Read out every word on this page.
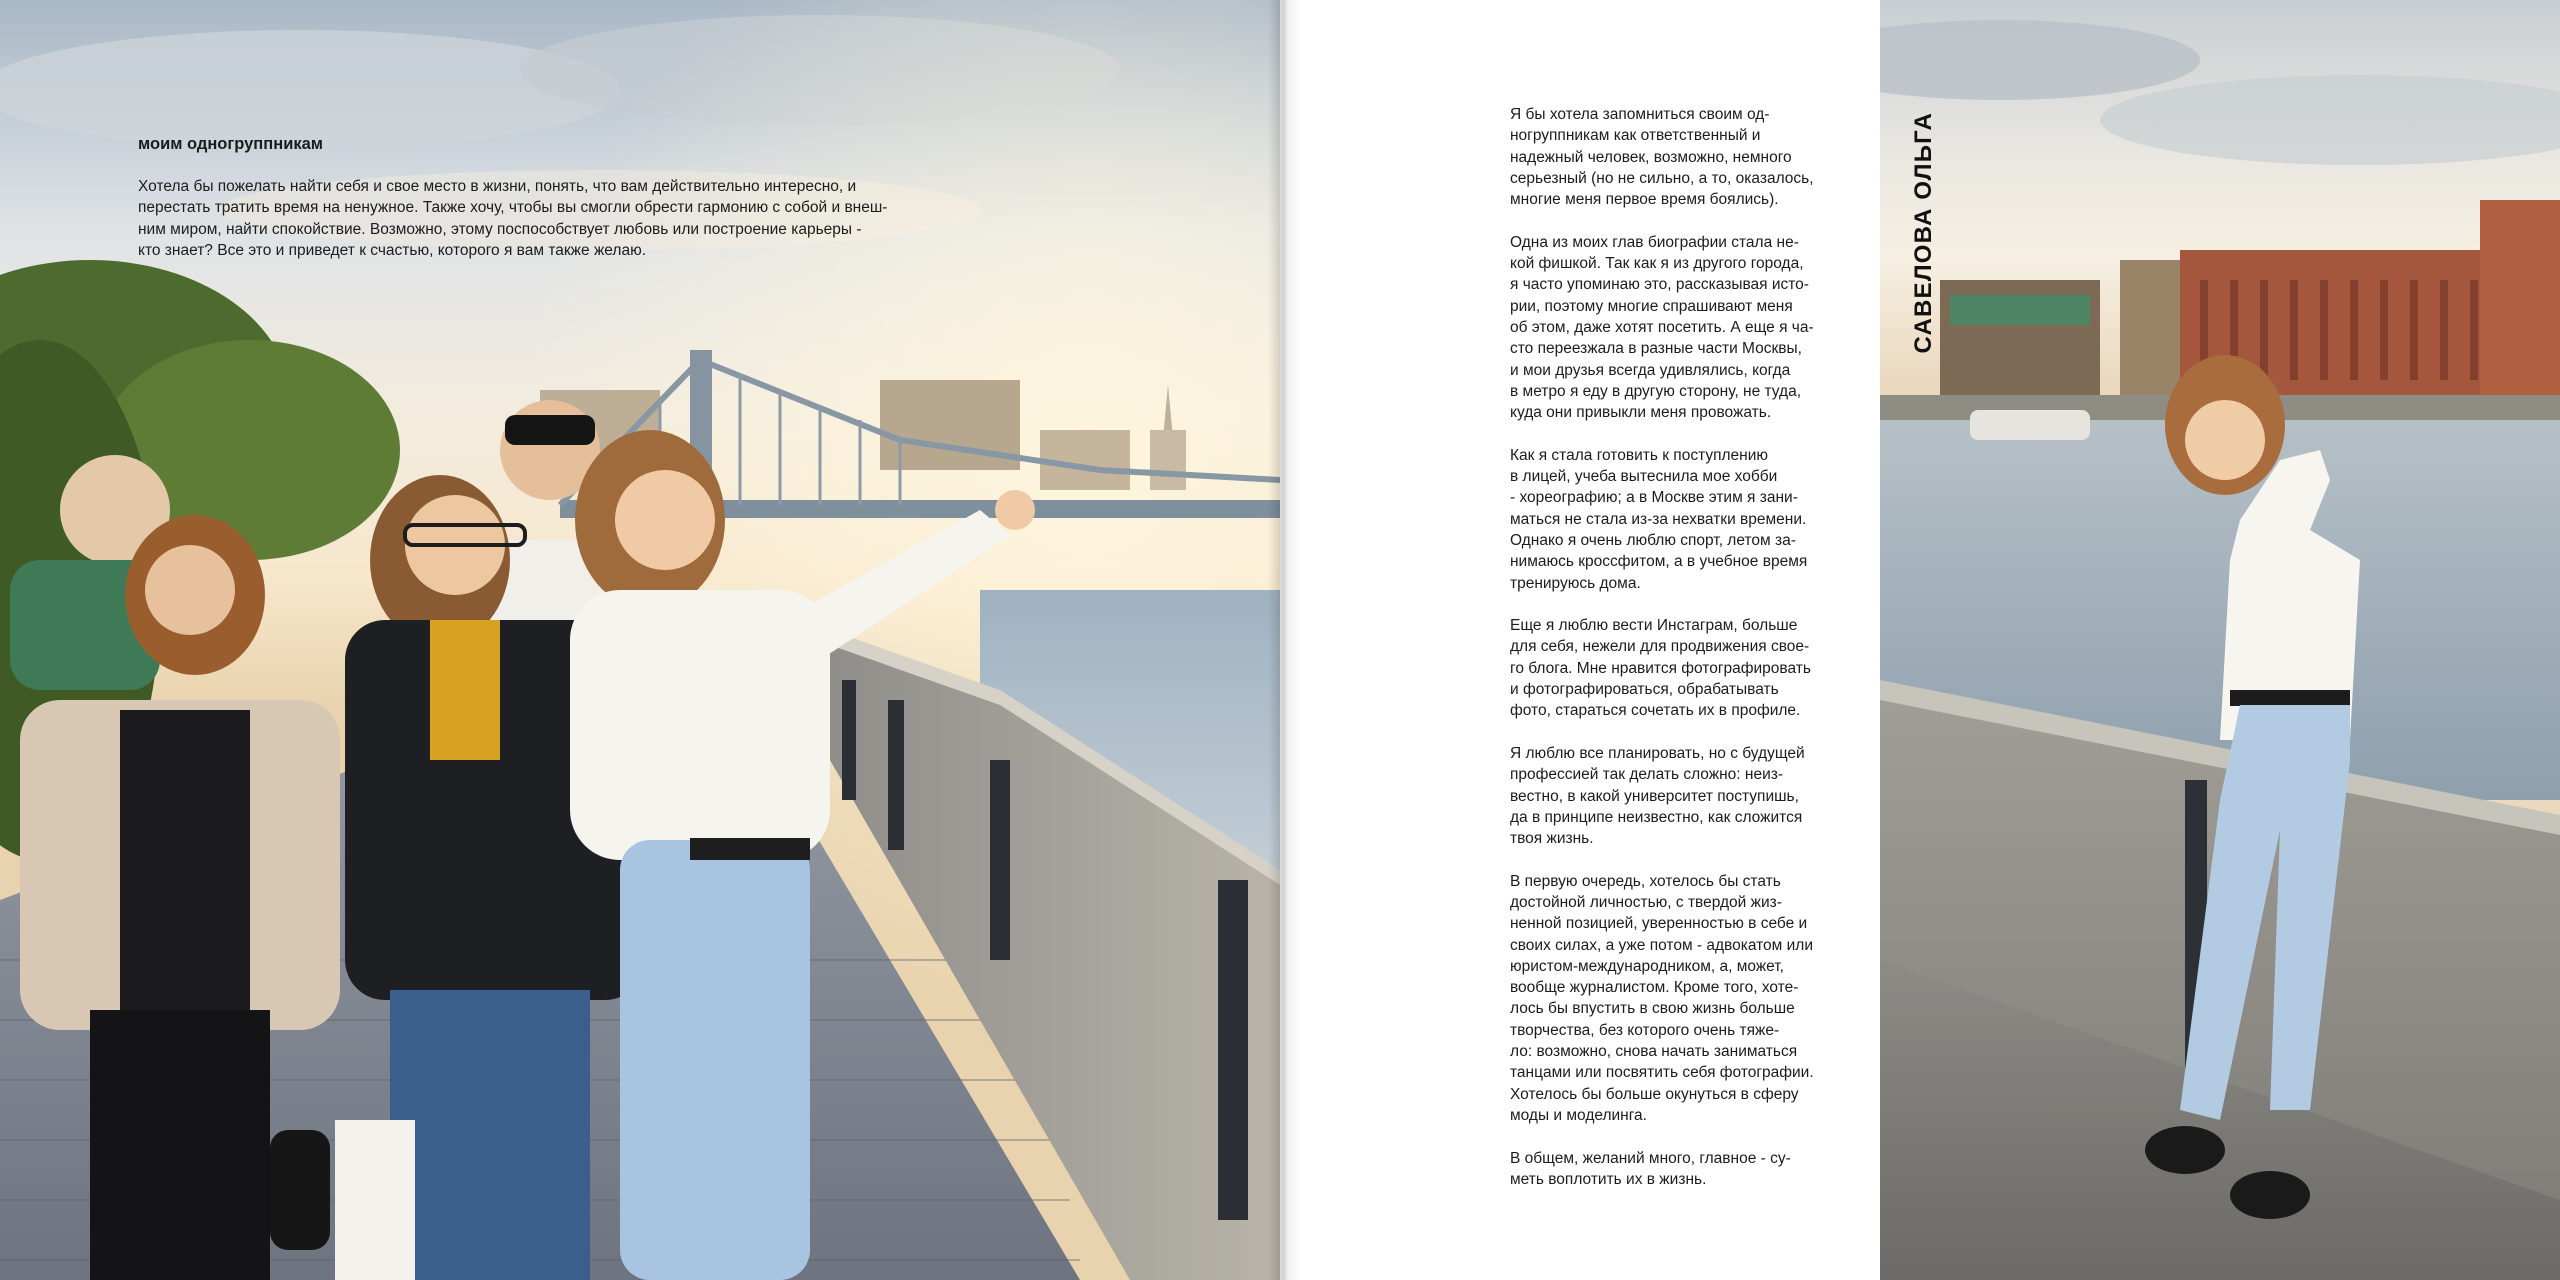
моим одногруппникам

Хотела бы пожелать найти себя и свое место в жизни, понять, что вам действительно интересно, и
перестать тратить время на ненужное. Также хочу, чтобы вы смогли обрести гармонию с собой и внеш-
ним миром, найти спокойствие. Возможно, этому поспособствует любовь или построение карьеры -
кто знает? Все это и приведет к счастью, которого я вам также желаю.

Я бы хотела запомниться своим од-
ногруппникам как ответственный и
надежный человек, возможно, немного
серьезный (но не сильно, а то, оказалось,
многие меня первое время боялись).

Одна из моих глав биографии стала не-
кой фишкой. Так как я из другого города,
я часто упоминаю это, рассказывая исто-
рии, поэтому многие спрашивают меня
об этом, даже хотят посетить. А еще я ча-
сто переезжала в разные части Москвы,
и мои друзья всегда удивлялись, когда
в метро я еду в другую сторону, не туда,
куда они привыкли меня провожать.

Как я стала готовить к поступлению
в лицей, учеба вытеснила мое хобби
- хореографию; а в Москве этим я зани-
маться не стала из-за нехватки времени.
Однако я очень люблю спорт, летом за-
нимаюсь кроссфитом, а в учебное время
тренируюсь дома.

Еще я люблю вести Инстаграм, больше
для себя, нежели для продвижения свое-
го блога. Мне нравится фотографировать
и фотографироваться, обрабатывать
фото, стараться сочетать их в профиле.

Я люблю все планировать, но с будущей
профессией так делать сложно: неиз-
вестно, в какой университет поступишь,
да в принципе неизвестно, как сложится
твоя жизнь.

В первую очередь, хотелось бы стать
достойной личностью, с твердой жиз-
ненной позицией, уверенностью в себе и
своих силах, а уже потом - адвокатом или
юристом-международником, а, может,
вообще журналистом. Кроме того, хоте-
лось бы впустить в свою жизнь больше
творчества, без которого очень тяже-
ло: возможно, снова начать заниматься
танцами или посвятить себя фотографии.
Хотелось бы больше окунуться в сферу
моды и моделинга.

В общем, желаний много, главное - су-
меть воплотить их в жизнь.

САВЕЛОВА ОЛЬГА
